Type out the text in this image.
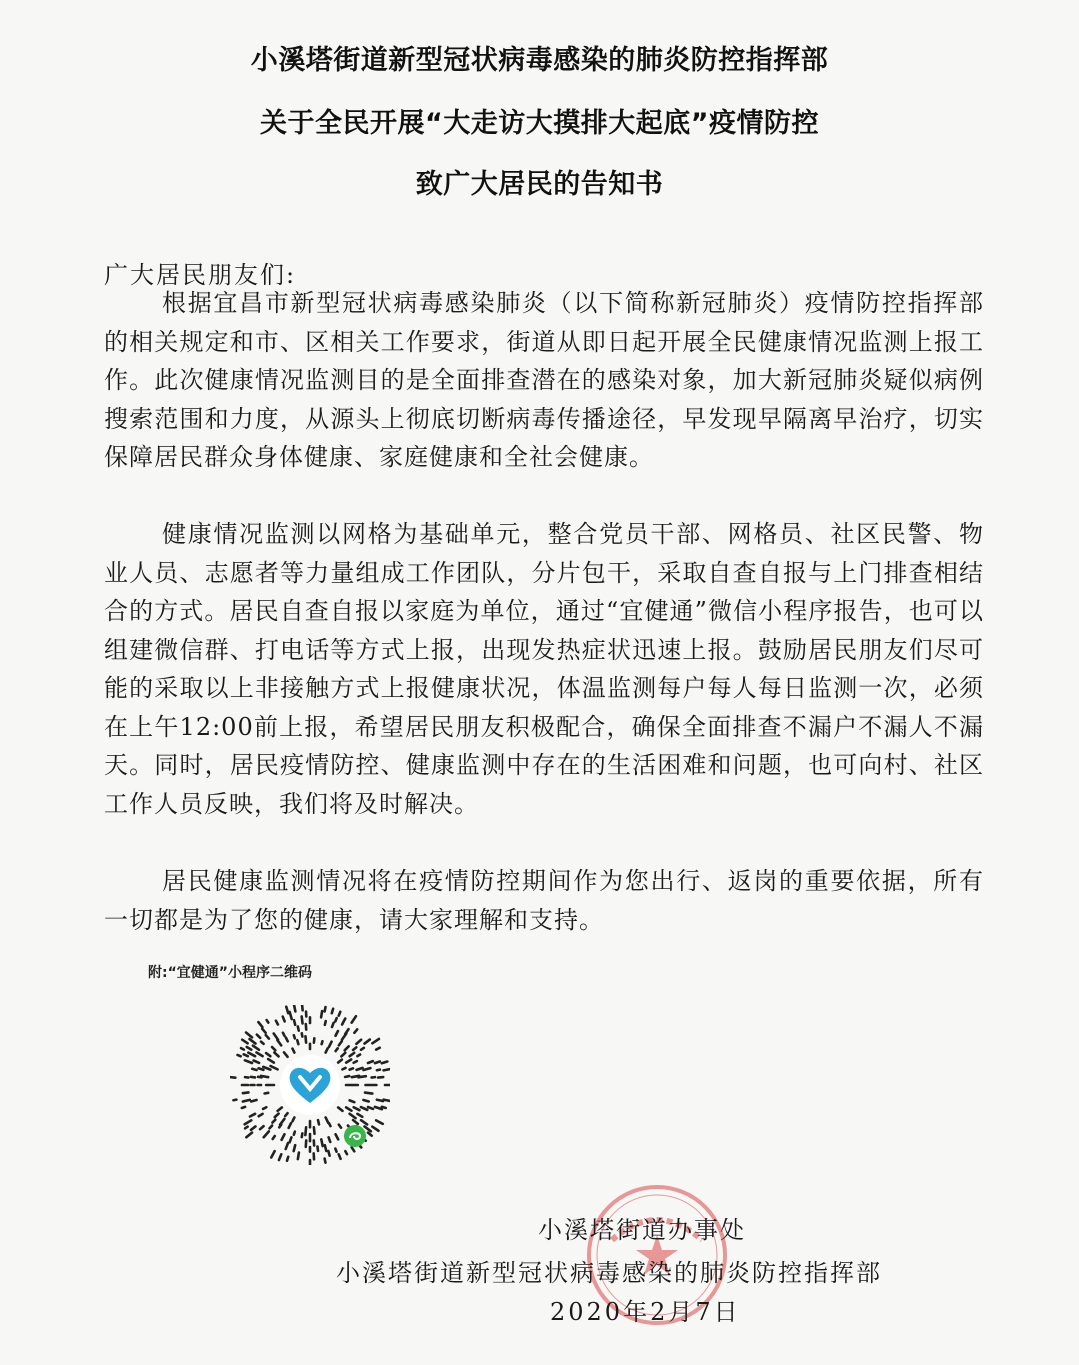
小溪塔街道新型冠状病毒感染的肺炎防控指挥部
关于全民开展“大走访大摸排大起底”疫情防控
致广大居民的告知书
广大居民朋友们:

根据宜昌市新型冠状病毒感染肺炎（以下简称新冠肺炎）疫情防控指挥部的相关规定和市、区相关工作要求，街道从即日起开展全民健康情况监测上报工作。此次健康情况监测目的是全面排查潜在的感染对象，加大新冠肺炎疑似病例搜索范围和力度，从源头上彻底切断病毒传播途径，早发现早隔离早治疗，切实保障居民群众身体健康、家庭健康和全社会健康。

健康情况监测以网格为基础单元，整合党员干部、网格员、社区民警、物业人员、志愿者等力量组成工作团队，分片包干，采取自查自报与上门排查相结合的方式。居民自查自报以家庭为单位，通过“宜健通”微信小程序报告，也可以组建微信群、打电话等方式上报，出现发热症状迅速上报。鼓励居民朋友们尽可能的采取以上非接触方式上报健康状况，体温监测每户每人每日监测一次，必须在上午12:00前上报，希望居民朋友积极配合，确保全面排查不漏户不漏人不漏天。同时，居民疫情防控、健康监测中存在的生活困难和问题，也可向村、社区工作人员反映，我们将及时解决。

居民健康监测情况将在疫情防控期间作为您出行、返岗的重要依据，所有一切都是为了您的健康，请大家理解和支持。

附:“宜健通”小程序二维码
小溪塔街道办事处
小溪塔街道新型冠状病毒感染的肺炎防控指挥部
2020年2月7日
